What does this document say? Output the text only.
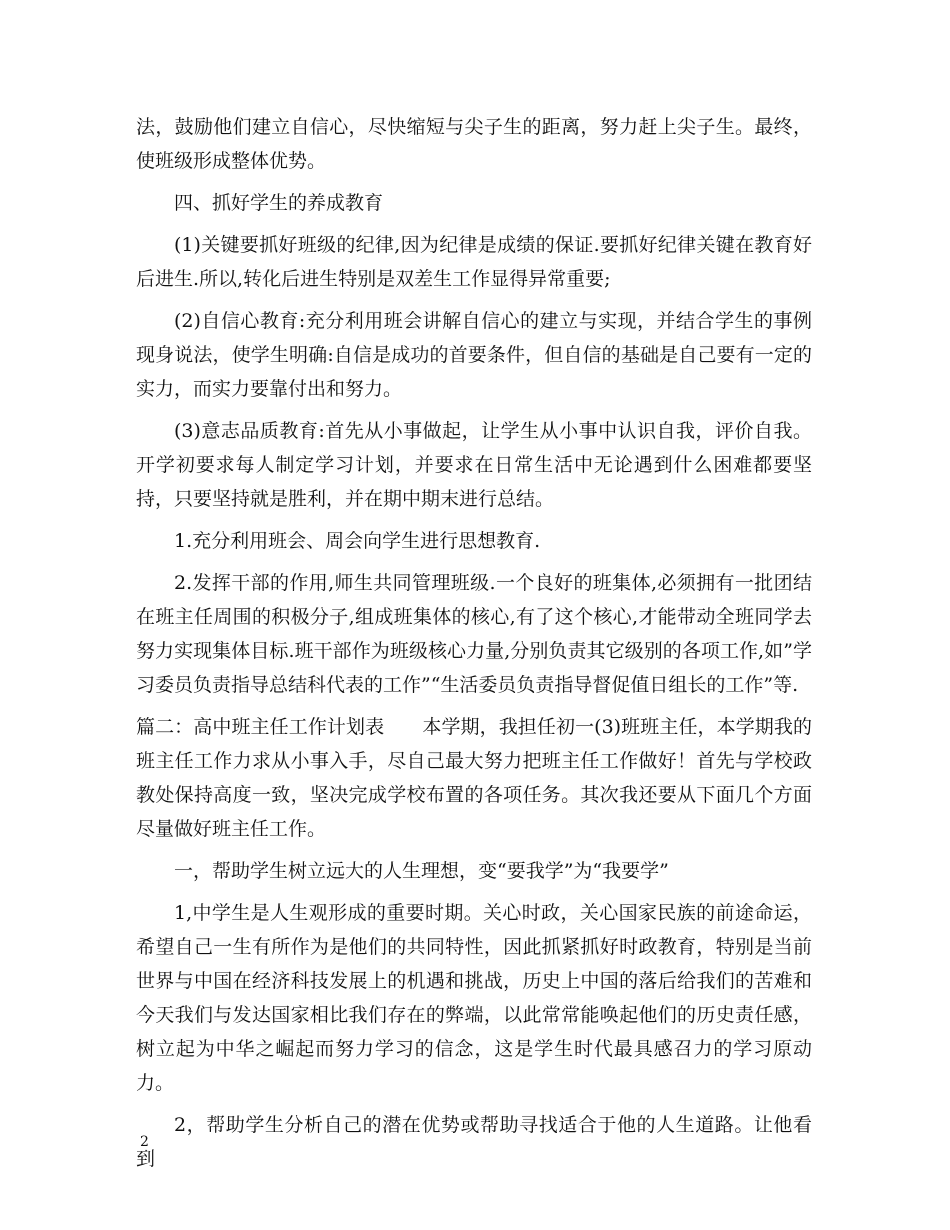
法，鼓励他们建立自信心，尽快缩短与尖子生的距离，努力赶上尖子生。最终，使班级形成整体优势。

四、抓好学生的养成教育

(1)关键要抓好班级的纪律,因为纪律是成绩的保证.要抓好纪律关键在教育好后进生.所以,转化后进生特别是双差生工作显得异常重要;

(2)自信心教育:充分利用班会讲解自信心的建立与实现，并结合学生的事例现身说法，使学生明确:自信是成功的首要条件，但自信的基础是自己要有一定的实力，而实力要靠付出和努力。

(3)意志品质教育:首先从小事做起，让学生从小事中认识自我，评价自我。开学初要求每人制定学习计划，并要求在日常生活中无论遇到什么困难都要坚持，只要坚持就是胜利，并在期中期末进行总结。

1.充分利用班会、周会向学生进行思想教育.

2.发挥干部的作用,师生共同管理班级.一个良好的班集体,必须拥有一批团结在班主任周围的积极分子,组成班集体的核心,有了这个核心,才能带动全班同学去努力实现集体目标.班干部作为班级核心力量,分别负责其它级别的各项工作,如”学习委员负责指导总结科代表的工作”“生活委员负责指导督促值日组长的工作”等.

篇二：高中班主任工作计划表　　本学期，我担任初一(3)班班主任，本学期我的班主任工作力求从小事入手，尽自己最大努力把班主任工作做好！首先与学校政教处保持高度一致，坚决完成学校布置的各项任务。其次我还要从下面几个方面尽量做好班主任工作。

一，帮助学生树立远大的人生理想，变“要我学”为“我要学”

1,中学生是人生观形成的重要时期。关心时政，关心国家民族的前途命运，希望自己一生有所作为是他们的共同特性，因此抓紧抓好时政教育，特别是当前世界与中国在经济科技发展上的机遇和挑战，历史上中国的落后给我们的苦难和今天我们与发达国家相比我们存在的弊端，以此常常能唤起他们的历史责任感，树立起为中华之崛起而努力学习的信念，这是学生时代最具感召力的学习原动力。

2，帮助学生分析自己的潜在优势或帮助寻找适合于他的人生道路。让他看到

2
